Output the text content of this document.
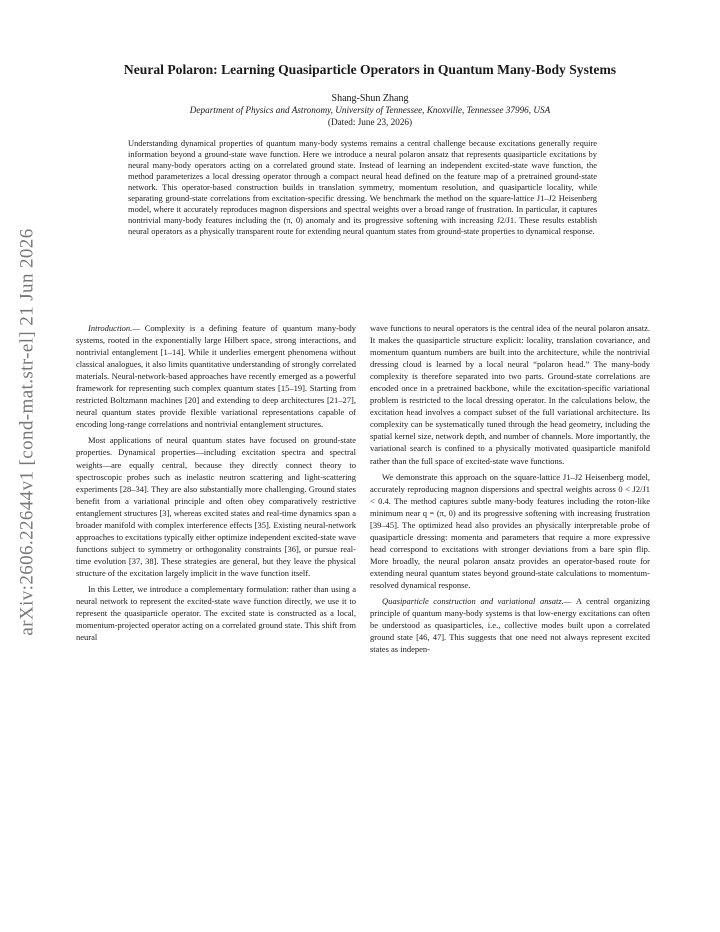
arXiv:2606.22644v1 [cond-mat.str-el] 21 Jun 2026
Neural Polaron: Learning Quasiparticle Operators in Quantum Many-Body Systems
Shang-Shun Zhang
Department of Physics and Astronomy, University of Tennessee, Knoxville, Tennessee 37996, USA
(Dated: June 23, 2026)
Understanding dynamical properties of quantum many-body systems remains a central challenge because excitations generally require information beyond a ground-state wave function. Here we introduce a neural polaron ansatz that represents quasiparticle excitations by neural many-body operators acting on a correlated ground state. Instead of learning an independent excited-state wave function, the method parameterizes a local dressing operator through a compact neural head defined on the feature map of a pretrained ground-state network. This operator-based construction builds in translation symmetry, momentum resolution, and quasiparticle locality, while separating ground-state correlations from excitation-specific dressing. We benchmark the method on the square-lattice J1–J2 Heisenberg model, where it accurately reproduces magnon dispersions and spectral weights over a broad range of frustration. In particular, it captures nontrivial many-body features including the (π, 0) anomaly and its progressive softening with increasing J2/J1. These results establish neural operators as a physically transparent route for extending neural quantum states from ground-state properties to dynamical response.

Introduction.— Complexity is a defining feature of quantum many-body systems, rooted in the exponentially large Hilbert space, strong interactions, and nontrivial entanglement [1–14]. While it underlies emergent phenomena without classical analogues, it also limits quantitative understanding of strongly correlated materials. Neural-network-based approaches have recently emerged as a powerful framework for representing such complex quantum states [15–19]. Starting from restricted Boltzmann machines [20] and extending to deep architectures [21–27], neural quantum states provide flexible variational representations capable of encoding long-range correlations and nontrivial entanglement structures.

Most applications of neural quantum states have focused on ground-state properties. Dynamical properties—including excitation spectra and spectral weights—are equally central, because they directly connect theory to spectroscopic probes such as inelastic neutron scattering and light-scattering experiments [28–34]. They are also substantially more challenging. Ground states benefit from a variational principle and often obey comparatively restrictive entanglement structures [3], whereas excited states and real-time dynamics span a broader manifold with complex interference effects [35]. Existing neural-network approaches to excitations typically either optimize independent excited-state wave functions subject to symmetry or orthogonality constraints [36], or pursue real-time evolution [37, 38]. These strategies are general, but they leave the physical structure of the excitation largely implicit in the wave function itself.

In this Letter, we introduce a complementary formulation: rather than using a neural network to represent the excited-state wave function directly, we use it to represent the quasiparticle operator. The excited state is constructed as a local, momentum-projected operator acting on a correlated ground state. This shift from neural

wave functions to neural operators is the central idea of the neural polaron ansatz. It makes the quasiparticle structure explicit: locality, translation covariance, and momentum quantum numbers are built into the architecture, while the nontrivial dressing cloud is learned by a local neural “polaron head.” The many-body complexity is therefore separated into two parts. Ground-state correlations are encoded once in a pretrained backbone, while the excitation-specific variational problem is restricted to the local dressing operator. In the calculations below, the excitation head involves a compact subset of the full variational architecture. Its complexity can be systematically tuned through the head geometry, including the spatial kernel size, network depth, and number of channels. More importantly, the variational search is confined to a physically motivated quasiparticle manifold rather than the full space of excited-state wave functions.

We demonstrate this approach on the square-lattice J1–J2 Heisenberg model, accurately reproducing magnon dispersions and spectral weights across 0 < J2/J1 < 0.4. The method captures subtle many-body features including the roton-like minimum near q = (π, 0) and its progressive softening with increasing frustration [39–45]. The optimized head also provides an physically interpretable probe of quasiparticle dressing: momenta and parameters that require a more expressive head correspond to excitations with stronger deviations from a bare spin flip. More broadly, the neural polaron ansatz provides an operator-based route for extending neural quantum states beyond ground-state calculations to momentum-resolved dynamical response.

Quasiparticle construction and variational ansatz.— A central organizing principle of quantum many-body systems is that low-energy excitations can often be understood as quasiparticles, i.e., collective modes built upon a correlated ground state [46, 47]. This suggests that one need not always represent excited states as indepen-
